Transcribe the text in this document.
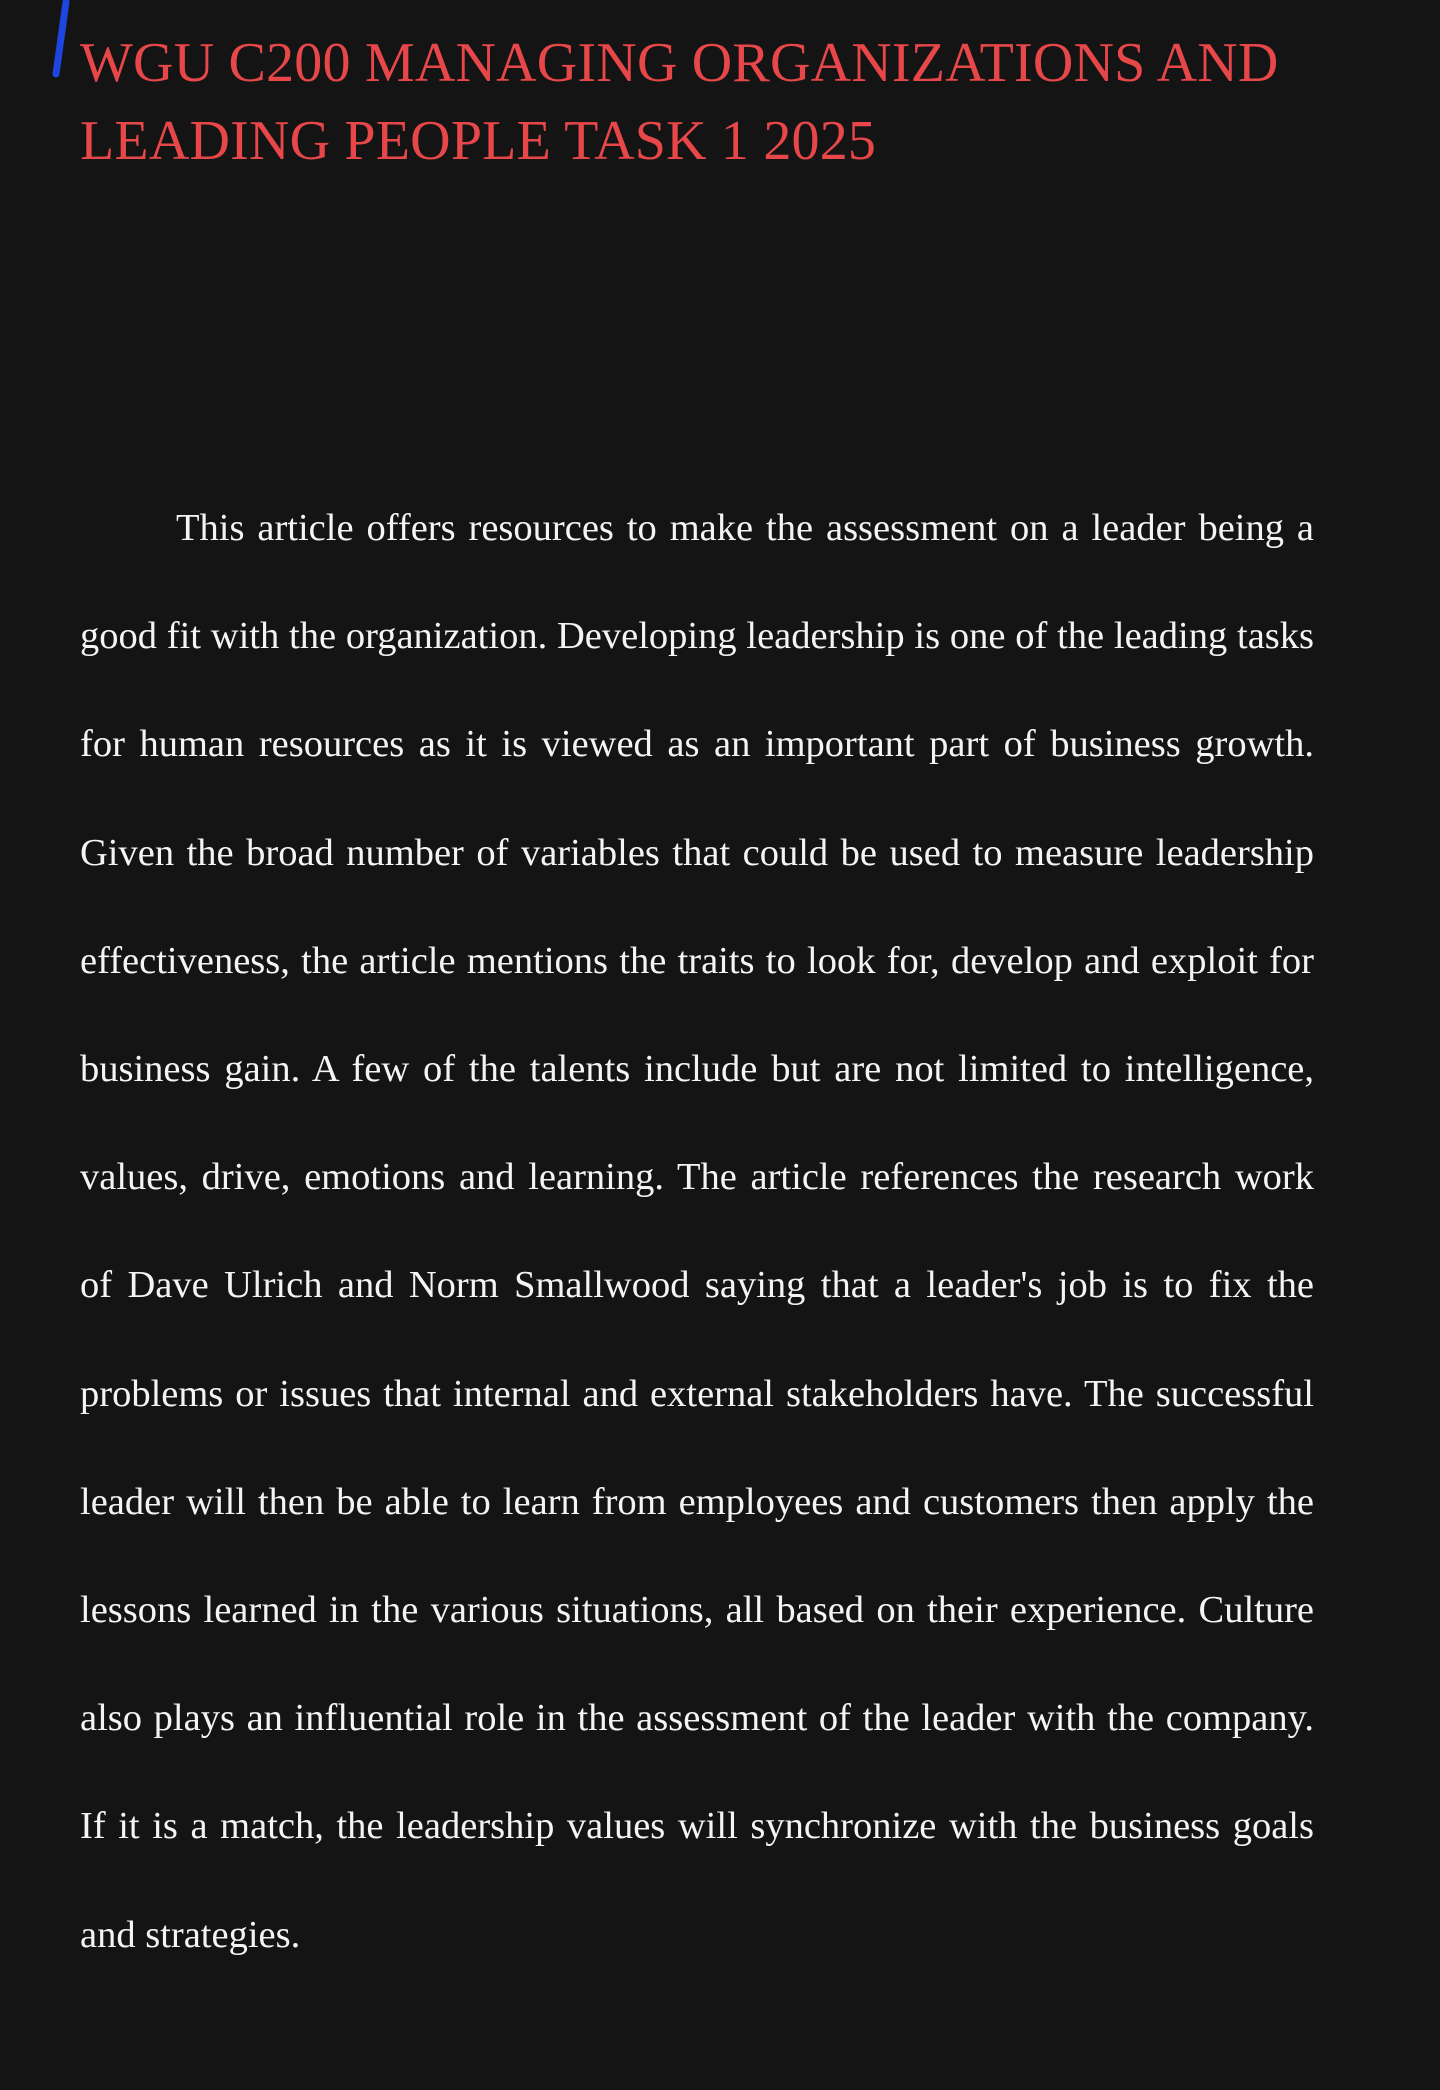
WGU C200 MANAGING ORGANIZATIONS AND LEADING PEOPLE TASK 1 2025

This article offers resources to make the assessment on a leader being a good fit with the organization. Developing leadership is one of the leading tasks for human resources as it is viewed as an important part of business growth. Given the broad number of variables that could be used to measure leadership effectiveness, the article mentions the traits to look for, develop and exploit for business gain. A few of the talents include but are not limited to intelligence, values, drive, emotions and learning. The article references the research work of Dave Ulrich and Norm Smallwood saying that a leader's job is to fix the problems or issues that internal and external stakeholders have. The successful leader will then be able to learn from employees and customers then apply the lessons learned in the various situations, all based on their experience. Culture also plays an influential role in the assessment of the leader with the company. If it is a match, the leadership values will synchronize with the business goals and strategies.
